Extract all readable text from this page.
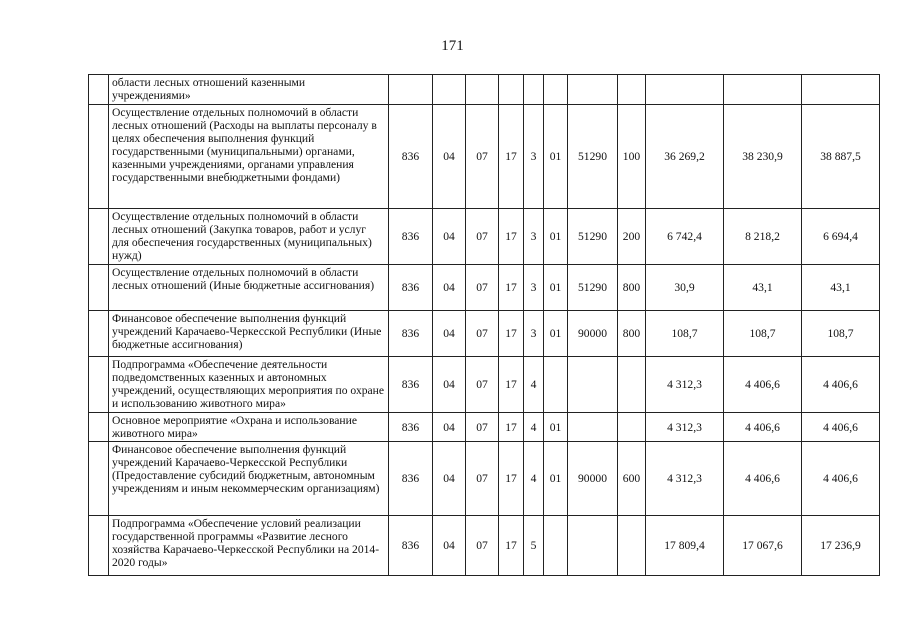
171
	области лесных отношений казенными учреждениями»											
	Осуществление отдельных полномочий в области лесных отношений (Расходы на выплаты персоналу в целях обеспечения выполнения функций государственными (муниципальными) органами, казенными учреждениями, органами управления государственными внебюджетными фондами)	836	04	07	17	3	01	51290	100	36 269,2	38 230,9	38 887,5
	Осуществление отдельных полномочий в области лесных отношений (Закупка товаров, работ и услуг для обеспечения государственных (муниципальных) нужд)	836	04	07	17	3	01	51290	200	6 742,4	8 218,2	6 694,4
	Осуществление отдельных полномочий в области лесных отношений (Иные бюджетные ассигнования)	836	04	07	17	3	01	51290	800	30,9	43,1	43,1
	Финансовое обеспечение выполнения функций учреждений Карачаево-Черкесской Республики (Иные бюджетные ассигнования)	836	04	07	17	3	01	90000	800	108,7	108,7	108,7
	Подпрограмма «Обеспечение деятельности подведомственных казенных и автономных учреждений, осуществляющих мероприятия по охране и использованию животного мира»	836	04	07	17	4				4 312,3	4 406,6	4 406,6
	Основное мероприятие «Охрана и использование животного мира»	836	04	07	17	4	01			4 312,3	4 406,6	4 406,6
	Финансовое обеспечение выполнения функций учреждений Карачаево-Черкесской Республики (Предоставление субсидий бюджетным, автономным учреждениям и иным некоммерческим организациям)	836	04	07	17	4	01	90000	600	4 312,3	4 406,6	4 406,6
	Подпрограмма «Обеспечение условий реализации государственной программы «Развитие лесного хозяйства Карачаево-Черкесской Республики на 2014-2020 годы»	836	04	07	17	5				17 809,4	17 067,6	17 236,9
